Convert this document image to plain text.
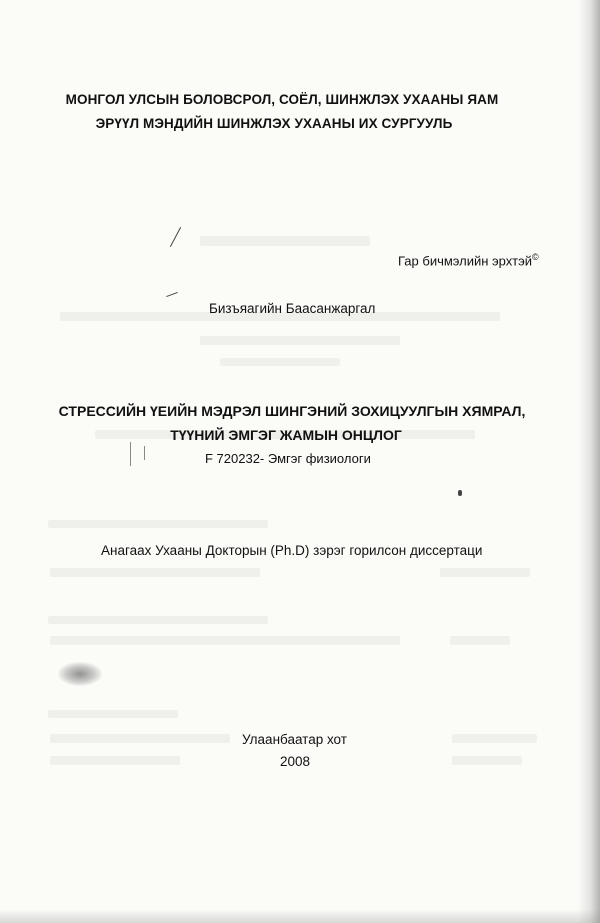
МОНГОЛ УЛСЫН БОЛОВСРОЛ, СОЁЛ, ШИНЖЛЭХ УХААНЫ ЯАМ
ЭРҮҮЛ МЭНДИЙН ШИНЖЛЭХ УХААНЫ ИХ СУРГУУЛЬ
Гар бичмэлийн эрхтэй©
Бизъяагийн Баасанжаргал
СТРЕССИЙН ҮЕИЙН МЭДРЭЛ ШИНГЭНИЙ ЗОХИЦУУЛГЫН ХЯМРАЛ,
ТҮҮНИЙ ЭМГЭГ ЖАМЫН ОНЦЛОГ
F 720232- Эмгэг физиологи
Анагаах Ухааны Докторын (Ph.D) зэрэг горилсон диссертаци
Улаанбаатар хот
2008
